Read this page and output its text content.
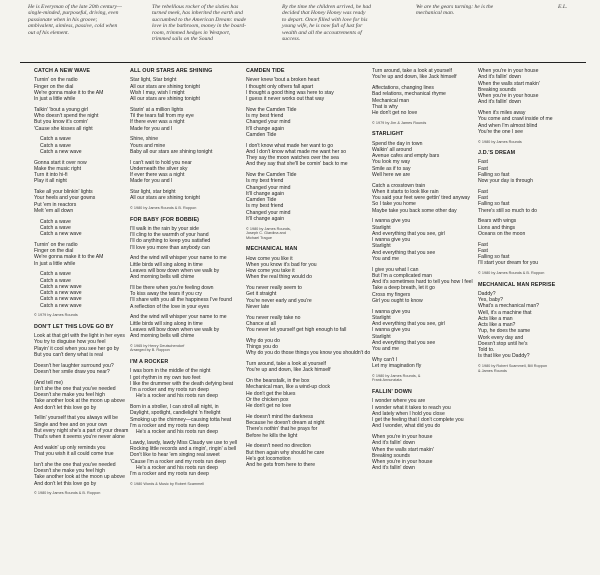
He is Everyman of the late 20th century—
single-minded, purposeful, driving, even
passionate when in his groove;
ambivalent, aimless, passive, cold when
out of his element.
The rebellious rocker of the sixties has
turned meek, has inherited the earth and
succumbed to the American Dream: made
love in the bathroom, money in the board-
room, trimmed hedges in Westport,
trimmed sails on the Sound
By the time the children arrived, he had
decided that Honey Honey was ready
to depart. Once filled with love for his
young wife, he is now full of lust for
wealth and all the accoutrements of
success.
We are the gears turning: he is the
mechanical man.
E.L.
CATCH A NEW WAVE
Turnin' on the radio
Finger on the dial
We're gonna make it to the AM
In just a little while
Talkin' 'bout a young girl
Who doesn't spend the night
But you know it's comin'
'Cause she kisses all right
Catch a wave
Catch a wave
Catch a new wave
Gonna start it over now
Make the music right
Turn it into hi-fi
Play it all night
Take all your blinkin' lights
Your heels and your gowns
Put 'em in reactors
Melt 'em all down
Catch a wave
Catch a wave
Catch a new wave
Turnin' on the radio
Finger on the dial
We're gonna make it to the AM
In just a little while
Catch a wave
Catch a wave
Catch a new wave
Catch a new wave
Catch a new wave
Catch a new wave
© 1979 by James Rounds
DON'T LET THIS LOVE GO BY
Look at that girl with the light in her eyes
You try to disguise how you feel
Playin' it cool when you see her go by
But you can't deny what is real
Doesn't her laughter surround you?
Doesn't her smile draw you near?
(And tell me)
Isn't she the one that you've needed
Doesn't she make you feel high
Take another look at the moon up above
And don't let this love go by
Tellin' yourself that you always will be
Single and free and on your own
But every night she's a part of your dream
That's when it seems you're never alone
And wakin' up only reminds you
That you wish it all could come true
Isn't she the one that you've needed
Doesn't she make you feel high
Take another look at the moon up above
And don't let this love go by
© 1980 by James Rounds & B. Roppon
ALL OUR STARS ARE SHINING
Star light, Star bright
All our stars are shining tonight
Wish I may, wish I might
All our stars are shining tonight
Starin' at a million lights
Til the tears fall from my eye
If there ever was a night
Made for you and I
Shine, shine
Yours and mine
Baby all our stars are shining tonight
I can't wait to hold you near
Underneath the silver sky
If ever there was a night
Made for you and I
Star light, star bright
All our stars are shining tonight
© 1980 by James Rounds & B. Roppon
FOR BABY (FOR BOBBIE)
I'll walk in the rain by your side
I'll cling to the warmth of your hand
I'll do anything to keep you satisfied
I'll love you more than anybody can
And the wind will whisper your name to me
Little birds will sing along in time
Leaves will bow down when we walk by
And morning bells will chime
I'll be there when you're feeling down
To kiss away the tears if you cry
I'll share with you all the happiness I've found
A reflection of the love in your eyes
And the wind will whisper your name to me
Little birds will sing along in time
Leaves will bow down when we walk by
And morning bells will chime
© 1965 by Henry Deutschendorf
Arranged by B. Roppon
I'M A ROCKER
I was born in the middle of the night
I got rhythm in my own two feet
I like the drummer with the death defying beat
I'm a rocker and my roots run deep
He's a rocker and his roots run deep
Born in a stroller, I can stroll all night, in
Daylight, spotlight, candlelight 'n firelight
Smoking up the chimney—causing totta heat
I'm a rocker and my roots run deep
He's a rocker and his roots run deep
Lawdy, lawdy, lawdy Miss Claudy we use to yell
Rocking little records and a ringin', ringin' a bell
Don't like to hear 'em singing real sweet
'Cause I'm a rocker and my roots run deep
He's a rocker and his roots run deep
I'm a rocker and my roots run deep
© 1980 Words & Music by Robert Scammell
CAMDEN TIDE
Never knew 'bout a broken heart
I thought only others fall apart
I thought a good thing was here to stay
I guess it never works out that way
Now the Camden Tide
Is my best friend
Changed your mind
It'll change again
Camden Tide
I don't know what made her want to go
And I don't know what made me want her so
They say the moon watches over the sea
And they say that she'll be comin' back to me
Now the Camden Tide
Is my best friend
Changed your mind
It'll change again
Camden Tide
Is my best friend
Changed your mind
It'll change again
© 1980 by James Rounds,
Joseph C. Giardina and
Michael Trague
MECHANICAL MAN
How come you like it
When you know it's bad for you
How come you take it
When the real thing would do
You never really seem to
Get it straight
You're never early and you're
Never late
You never really take no
Chance at all
You never let yourself get high enough to fall
Why do you do
Things you do
Why do you do those things you know you shouldn't do
Turn around, take a look at yourself
You're up and down, like Jack himself
On the beanstalk, in the box
Mechanical man, like a wind-up clock
He don't get the blues
Or the chicken pox
He don't get no love
He doesn't mind the darkness
Because he doesn't dream at night
There's nothin' that he prays for
Before he kills the light
He doesn't need no direction
But then again why should he care
He's got locomotion
And he gets from here to there
Turn around, take a look at yourself
You're up and down, like Jack himself
Affectations, changing lines
Bad relations, mechanical rhyme
Mechanical man
That is why
He don't get no love
© 1979 by Jim & James Rounds
STARLIGHT
Spend the day in town
Walkin' all around
Avenue cafes and empty bars
You look my way
Smile as if to say
Well here we are
Catch a crosstown train
When it starts to look like rain
You said your feet were gettin' tired anyway
So I take you home
Maybe take you back some other day
I wanna give you
Starlight
And everything that you see, girl
I wanna give you
Starlight
And everything that you see
You and me
I give you what I can
But I'm a complicated man
And it's sometimes hard to tell you how I feel
Take a deep breath, let it go
Cross my fingers
Girl you ought to know
I wanna give you
Starlight
And everything that you see, girl
I wanna give you
Starlight
And everything that you see
You and me
Why can't I
Let my imagination fly
© 1980 by James Rounds, &
Frank Annunziata
FALLIN' DOWN
I wonder where you are
I wonder what it takes to reach you
And lately when I hold you close
I get the feeling that I don't complete you
And I wonder, what did you do
When you're in your house
And it's fallin' down
When the walls start makin'
Breaking sounds
When you're in your house
And it's fallin' down
When you're in your house
And it's fallin' down
When the walls start makin'
Breaking sounds
When you're in your house
And it's fallin' down
When it's miles away
You come and crawl inside of me
And when I'm almost blind
You're the one I see
© 1980 by James Rounds
J.D.'S DREAM
Fast
Fast
Falling so fast
Now your day is through
Fast
Fast
Falling so fast
There's still so much to do
Bears with wings
Lions and things
Oceans on the moon
Fast
Fast
Falling so fast
I'll start your dream for you
© 1980 by James Rounds & B. Roppon
MECHANICAL MAN REPRISE
Daddy?
Yes, baby?
What's a mechanical man?
Well, it's a machine that
Acts like a man
Acts like a man?
Yup, he does the same
Work every day and
Doesn't stop until he's
Told to.
Is that like you Daddy?
© 1980 by Robert Scammell, Bill Roppon
& James Rounds
